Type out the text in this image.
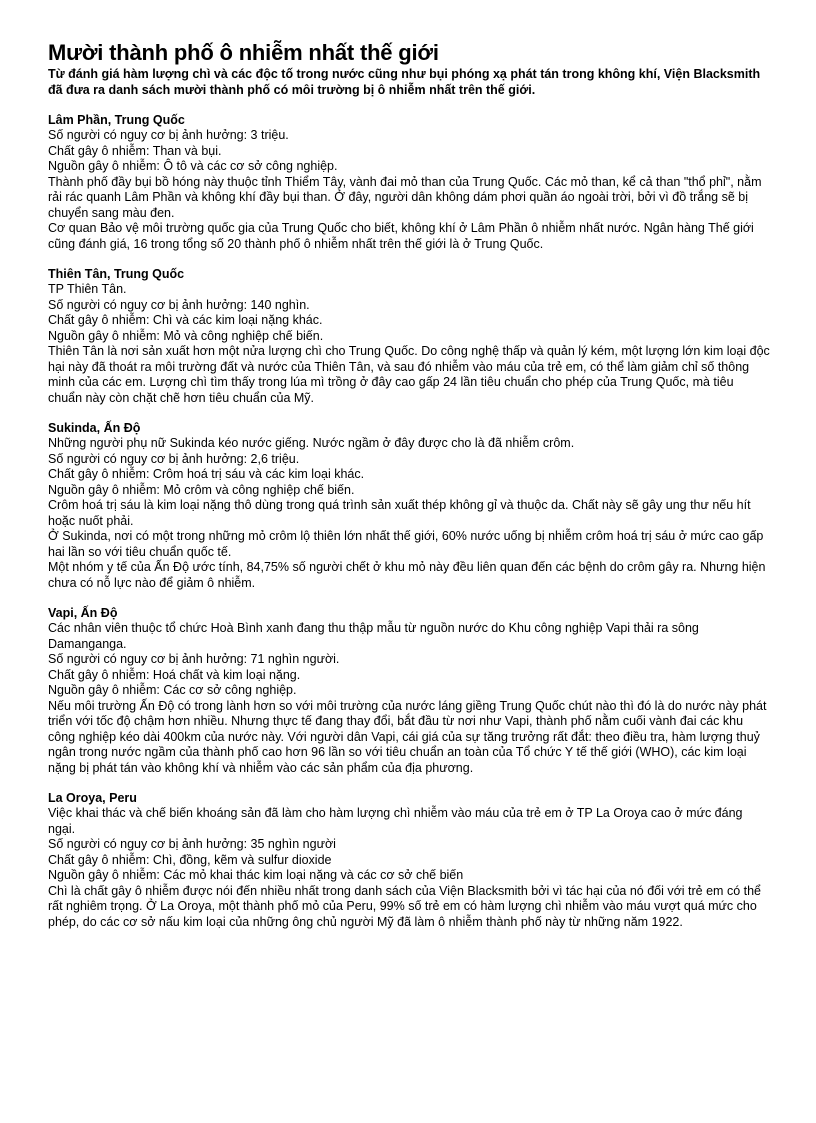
Mười thành phố ô nhiễm nhất thế giới

Từ đánh giá hàm lượng chì và các độc tố trong nước cũng như bụi phóng xạ phát tán trong không khí, Viện Blacksmith đã đưa ra danh sách mười thành phố có môi trường bị ô nhiễm nhất trên thế giới.

Lâm Phần, Trung Quốc

Số người có nguy cơ bị ảnh hưởng: 3 triệu.

Chất gây ô nhiễm: Than và bụi.

Nguồn gây ô nhiễm: Ô tô và các cơ sở công nghiệp.

Thành phố đầy bụi bồ hóng này thuộc tỉnh Thiểm Tây, vành đai mỏ than của Trung Quốc. Các mỏ than, kể cả than "thổ phỉ", nằm rải rác quanh Lâm Phần và không khí đầy bụi than. Ở đây, người dân không dám phơi quần áo ngoài trời, bởi vì đồ trắng sẽ bị chuyển sang màu đen.

Cơ quan Bảo vệ môi trường quốc gia của Trung Quốc cho biết, không khí ở Lâm Phần ô nhiễm nhất nước. Ngân hàng Thế giới cũng đánh giá, 16 trong tổng số 20 thành phố ô nhiễm nhất trên thế giới là ở Trung Quốc.

Thiên Tân, Trung Quốc

TP Thiên Tân.

Số người có nguy cơ bị ảnh hưởng: 140 nghìn.

Chất gây ô nhiễm: Chì và các kim loại nặng khác.

Nguồn gây ô nhiễm: Mỏ và công nghiệp chế biến.

Thiên Tân là nơi sản xuất hơn một nửa lượng chì cho Trung Quốc. Do công nghệ thấp và quản lý kém, một lượng lớn kim loại độc hại này đã thoát ra môi trường đất và nước của Thiên Tân, và sau đó nhiễm vào máu của trẻ em, có thể làm giảm chỉ số thông minh của các em. Lượng chì tìm thấy trong lúa mì trồng ở đây cao gấp 24 lần tiêu chuẩn cho phép của Trung Quốc, mà tiêu chuẩn này còn chặt chẽ hơn tiêu chuẩn của Mỹ.

Sukinda, Ấn Độ

Những người phụ nữ Sukinda kéo nước giếng. Nước ngầm ở đây được cho là đã nhiễm crôm.

Số người có nguy cơ bị ảnh hưởng: 2,6 triệu.

Chất gây ô nhiễm: Crôm hoá trị sáu và các kim loại khác.

Nguồn gây ô nhiễm: Mỏ crôm và công nghiệp chế biến.

Crôm hoá trị sáu là kim loại nặng thô dùng trong quá trình sản xuất thép không gỉ và thuộc da. Chất này sẽ gây ung thư nếu hít hoặc nuốt phải.

Ở Sukinda, nơi có một trong những mỏ crôm lộ thiên lớn nhất thế giới, 60% nước uống bị nhiễm crôm hoá trị sáu ở mức cao gấp hai lần so với tiêu chuẩn quốc tế.

Một nhóm y tế của Ấn Độ ước tính, 84,75% số người chết ở khu mỏ này đều liên quan đến các bệnh do crôm gây ra. Nhưng hiện chưa có nỗ lực nào để giảm ô nhiễm.

Vapi, Ấn Độ

Các nhân viên thuộc tổ chức Hoà Bình xanh đang thu thập mẫu từ nguồn nước do Khu công nghiệp Vapi thải ra sông Damanganga.

Số người có nguy cơ bị ảnh hưởng: 71 nghìn người.

Chất gây ô nhiễm: Hoá chất và kim loại nặng.

Nguồn gây ô nhiễm: Các cơ sở công nghiệp.

Nếu môi trường Ấn Độ có trong lành hơn so với môi trường của nước láng giềng Trung Quốc chút nào thì đó là do nước này phát triển với tốc độ chậm hơn nhiều. Nhưng thực tế đang thay đổi, bắt đầu từ nơi như Vapi, thành phố nằm cuối vành đai các khu công nghiệp kéo dài 400km của nước này. Với người dân Vapi, cái giá của sự tăng trưởng rất đắt: theo điều tra, hàm lượng thuỷ ngân trong nước ngầm của thành phố cao hơn 96 lần so với tiêu chuẩn an toàn của Tổ chức Y tế thế giới (WHO), các kim loại nặng bị phát tán vào không khí và nhiễm vào các sản phẩm của địa phương.

La Oroya, Peru

Việc khai thác và chế biến khoáng sản đã làm cho hàm lượng chì nhiễm vào máu của trẻ em ở TP La Oroya cao ở mức đáng ngại.

Số người có nguy cơ bị ảnh hưởng: 35 nghìn người

Chất gây ô nhiễm: Chì, đồng, kẽm và sulfur dioxide

Nguồn gây ô nhiễm: Các mỏ khai thác kim loại nặng và các cơ sở chế biến

Chì là chất gây ô nhiễm được nói đến nhiều nhất trong danh sách của Viện Blacksmith bởi vì tác hại của nó đối với trẻ em có thể rất nghiêm trọng. Ở La Oroya, một thành phố mỏ của Peru, 99% số trẻ em có hàm lượng chì nhiễm vào máu vượt quá mức cho phép, do các cơ sở nấu kim loại của những ông chủ người Mỹ đã làm ô nhiễm thành phố này từ những năm 1922.
